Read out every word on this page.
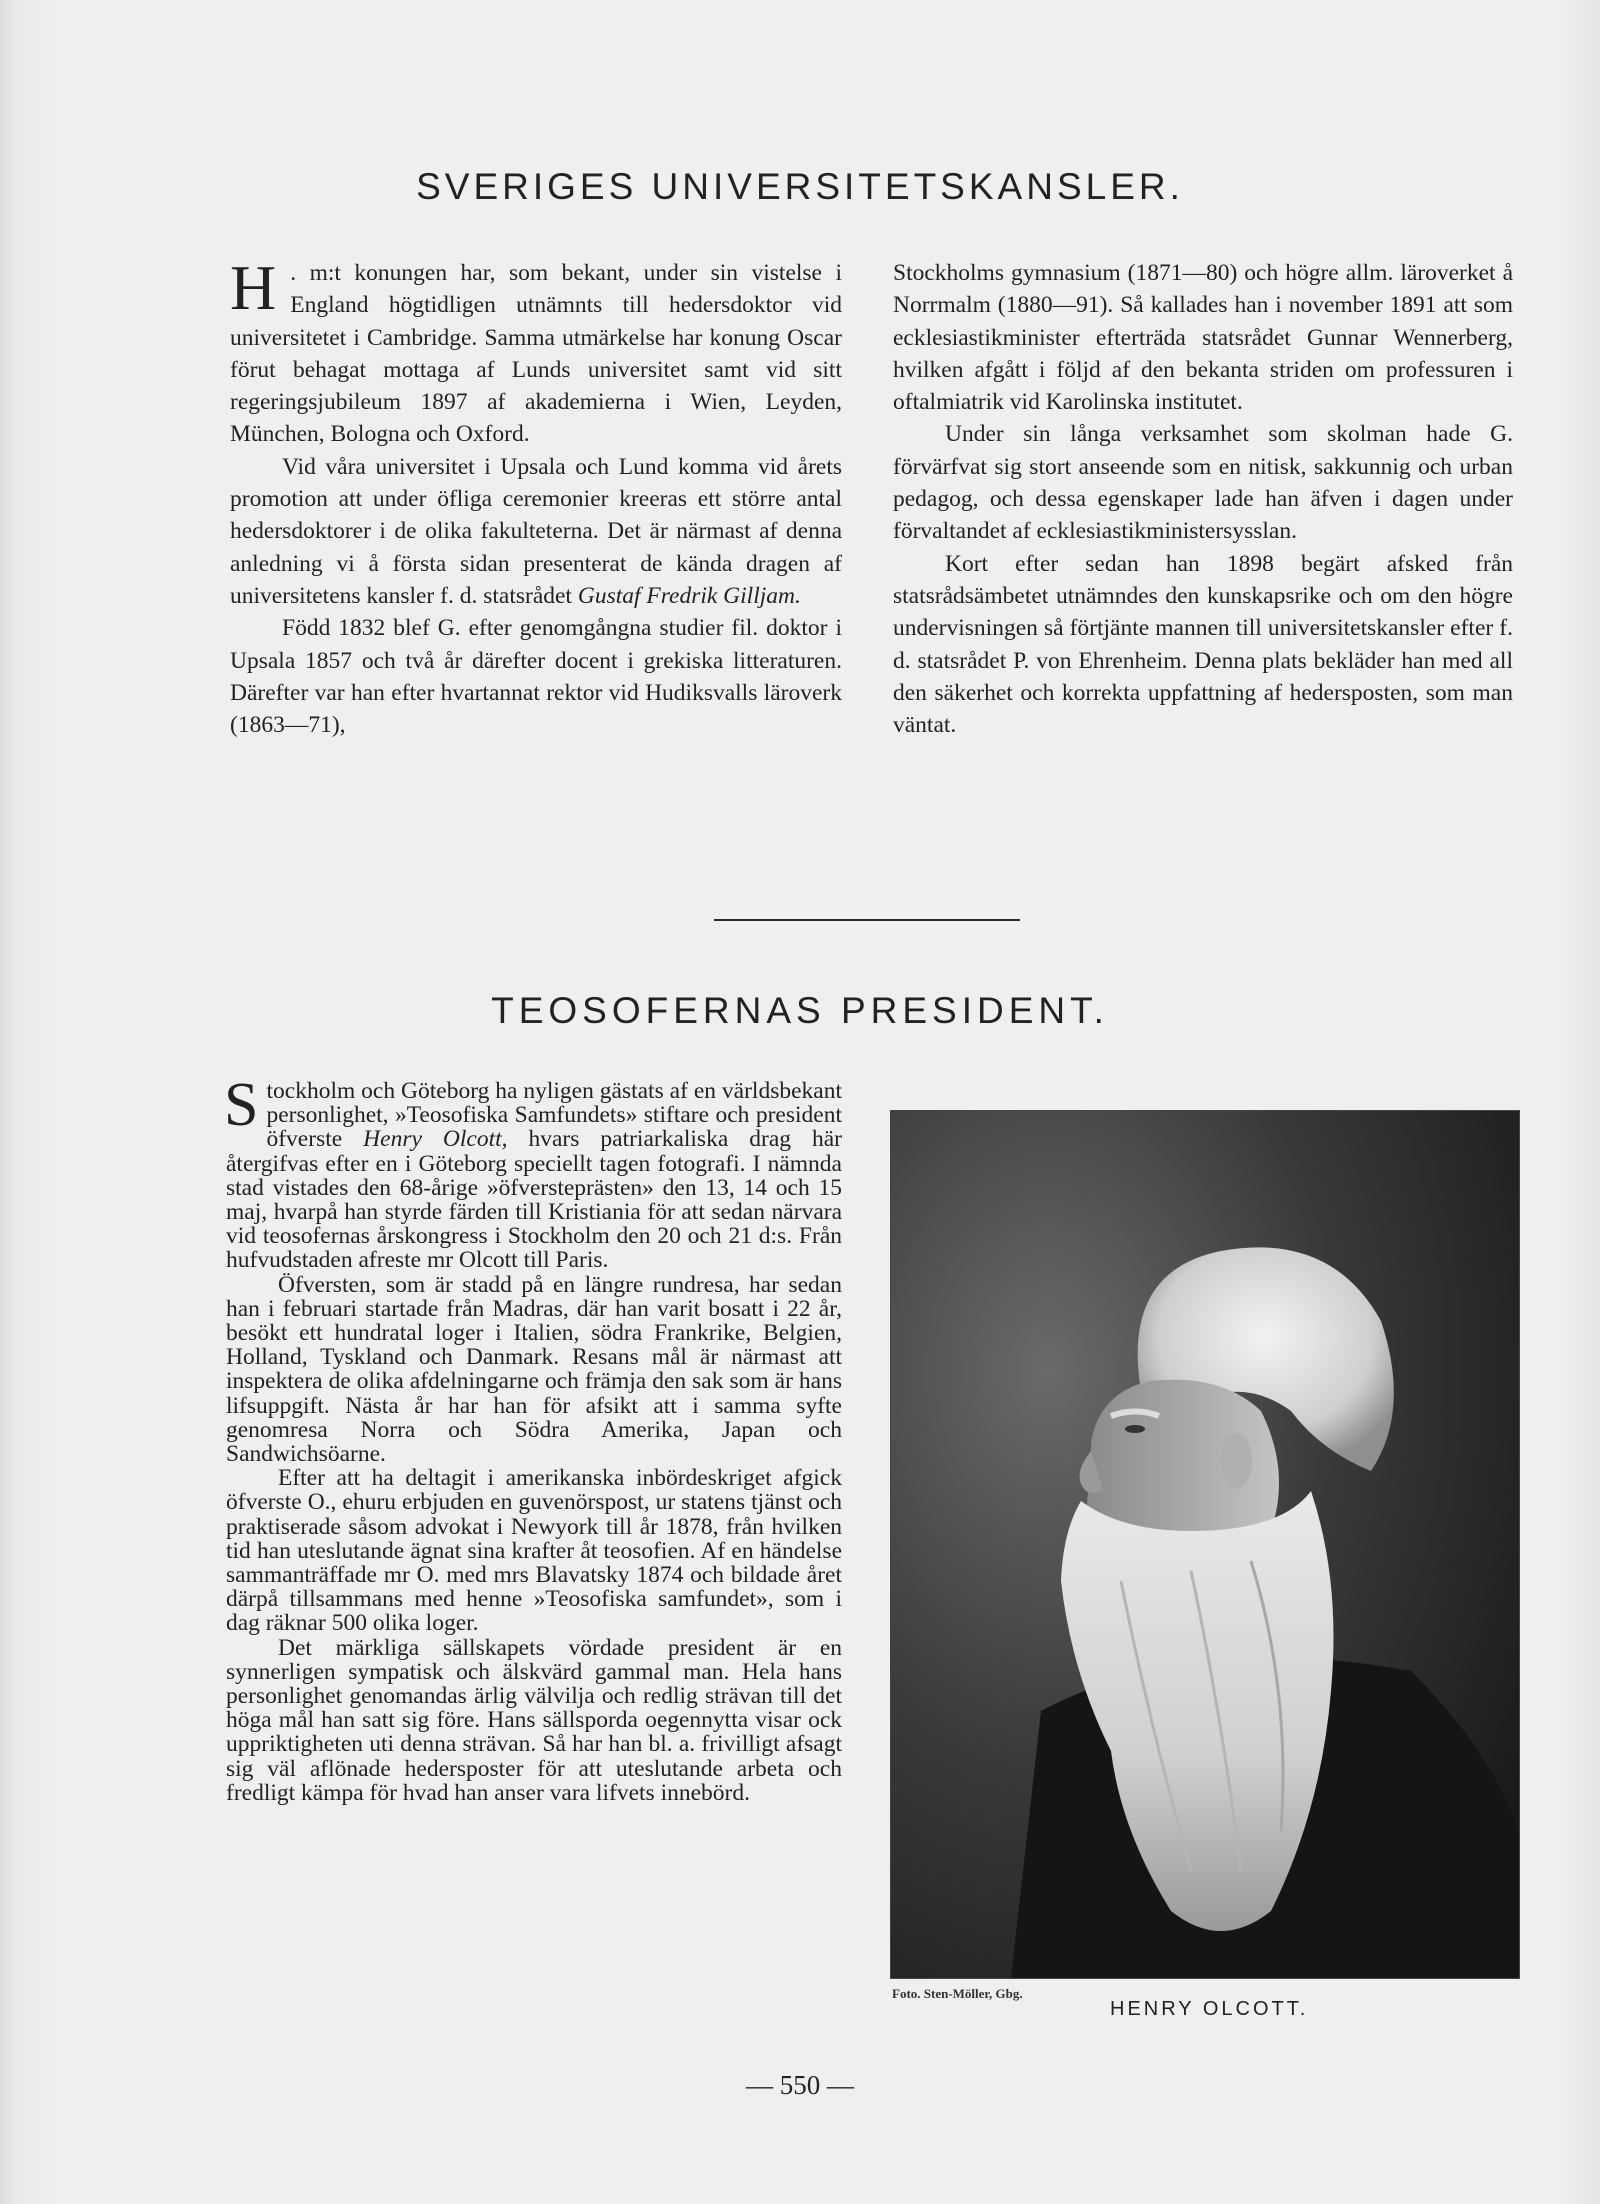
SVERIGES UNIVERSITETSKANSLER.

H . m:t konungen har, som bekant, under sin vistelse i England högtidligen utnämnts till hedersdoktor vid universitetet i Cambridge. Samma utmärkelse har konung Oscar förut behagat mottaga af Lunds universitet samt vid sitt regeringsjubileum 1897 af akademierna i Wien, Leyden, München, Bologna och Oxford.

Vid våra universitet i Upsala och Lund komma vid årets promotion att under öfliga ceremonier kreeras ett större antal hedersdoktorer i de olika fakulteterna. Det är närmast af denna anledning vi å första sidan presenterat de kända dragen af universitetens kansler f. d. statsrådet Gustaf Fredrik Gilljam.

Född 1832 blef G. efter genomgångna studier fil. doktor i Upsala 1857 och två år därefter docent i grekiska litteraturen. Därefter var han efter hvartannat rektor vid Hudiksvalls läroverk (1863—71),

Stockholms gymnasium (1871—80) och högre allm. läroverket å Norrmalm (1880—91). Så kallades han i november 1891 att som ecklesiastikminister efterträda statsrådet Gunnar Wennerberg, hvilken afgått i följd af den bekanta striden om professuren i oftalmiatrik vid Karolinska institutet.

Under sin långa verksamhet som skolman hade G. förvärfvat sig stort anseende som en nitisk, sakkunnig och urban pedagog, och dessa egenskaper lade han äfven i dagen under förvaltandet af ecklesiastikministersysslan.

Kort efter sedan han 1898 begärt afsked från statsrådsämbetet utnämndes den kunskapsrike och om den högre undervisningen så förtjänte mannen till universitetskansler efter f. d. statsrådet P. von Ehrenheim. Denna plats bekläder han med all den säkerhet och korrekta uppfattning af hedersposten, som man väntat.

TEOSOFERNAS PRESIDENT.

Stockholm och Göteborg ha nyligen gästats af en världsbekant personlighet, »Teosofiska Samfundets» stiftare och president öfverste Henry Olcott, hvars patriarkaliska drag här återgifvas efter en i Göteborg speciellt tagen fotografi. I nämnda stad vistades den 68-årige »öfversteprästen» den 13, 14 och 15 maj, hvarpå han styrde färden till Kristiania för att sedan närvara vid teosofernas årskongress i Stockholm den 20 och 21 d:s. Från hufvudstaden afreste mr Olcott till Paris.

Öfversten, som är stadd på en längre rundresa, har sedan han i februari startade från Madras, där han varit bosatt i 22 år, besökt ett hundratal loger i Italien, södra Frankrike, Belgien, Holland, Tyskland och Danmark. Resans mål är närmast att inspektera de olika afdelningarne och främja den sak som är hans lifsuppgift. Nästa år har han för afsikt att i samma syfte genomresa Norra och Södra Amerika, Japan och Sandwichsöarne.

Efter att ha deltagit i amerikanska inbördeskriget afgick öfverste O., ehuru erbjuden en guvenörspost, ur statens tjänst och praktiserade såsom advokat i Newyork till år 1878, från hvilken tid han uteslutande ägnat sina krafter åt teosofien. Af en händelse sammanträffade mr O. med mrs Blavatsky 1874 och bildade året därpå tillsammans med henne »Teosofiska samfundet», som i dag räknar 500 olika loger.

Det märkliga sällskapets vördade president är en synnerligen sympatisk och älskvärd gammal man. Hela hans personlighet genomandas ärlig välvilja och redlig strävan till det höga mål han satt sig före. Hans sällsporda oegennytta visar ock uppriktigheten uti denna strävan. Så har han bl. a. frivilligt afsagt sig väl aflönade hedersposter för att uteslutande arbeta och fredligt kämpa för hvad han anser vara lifvets innebörd.

Foto. Sten-Möller, Gbg.
HENRY OLCOTT.
— 550 —
